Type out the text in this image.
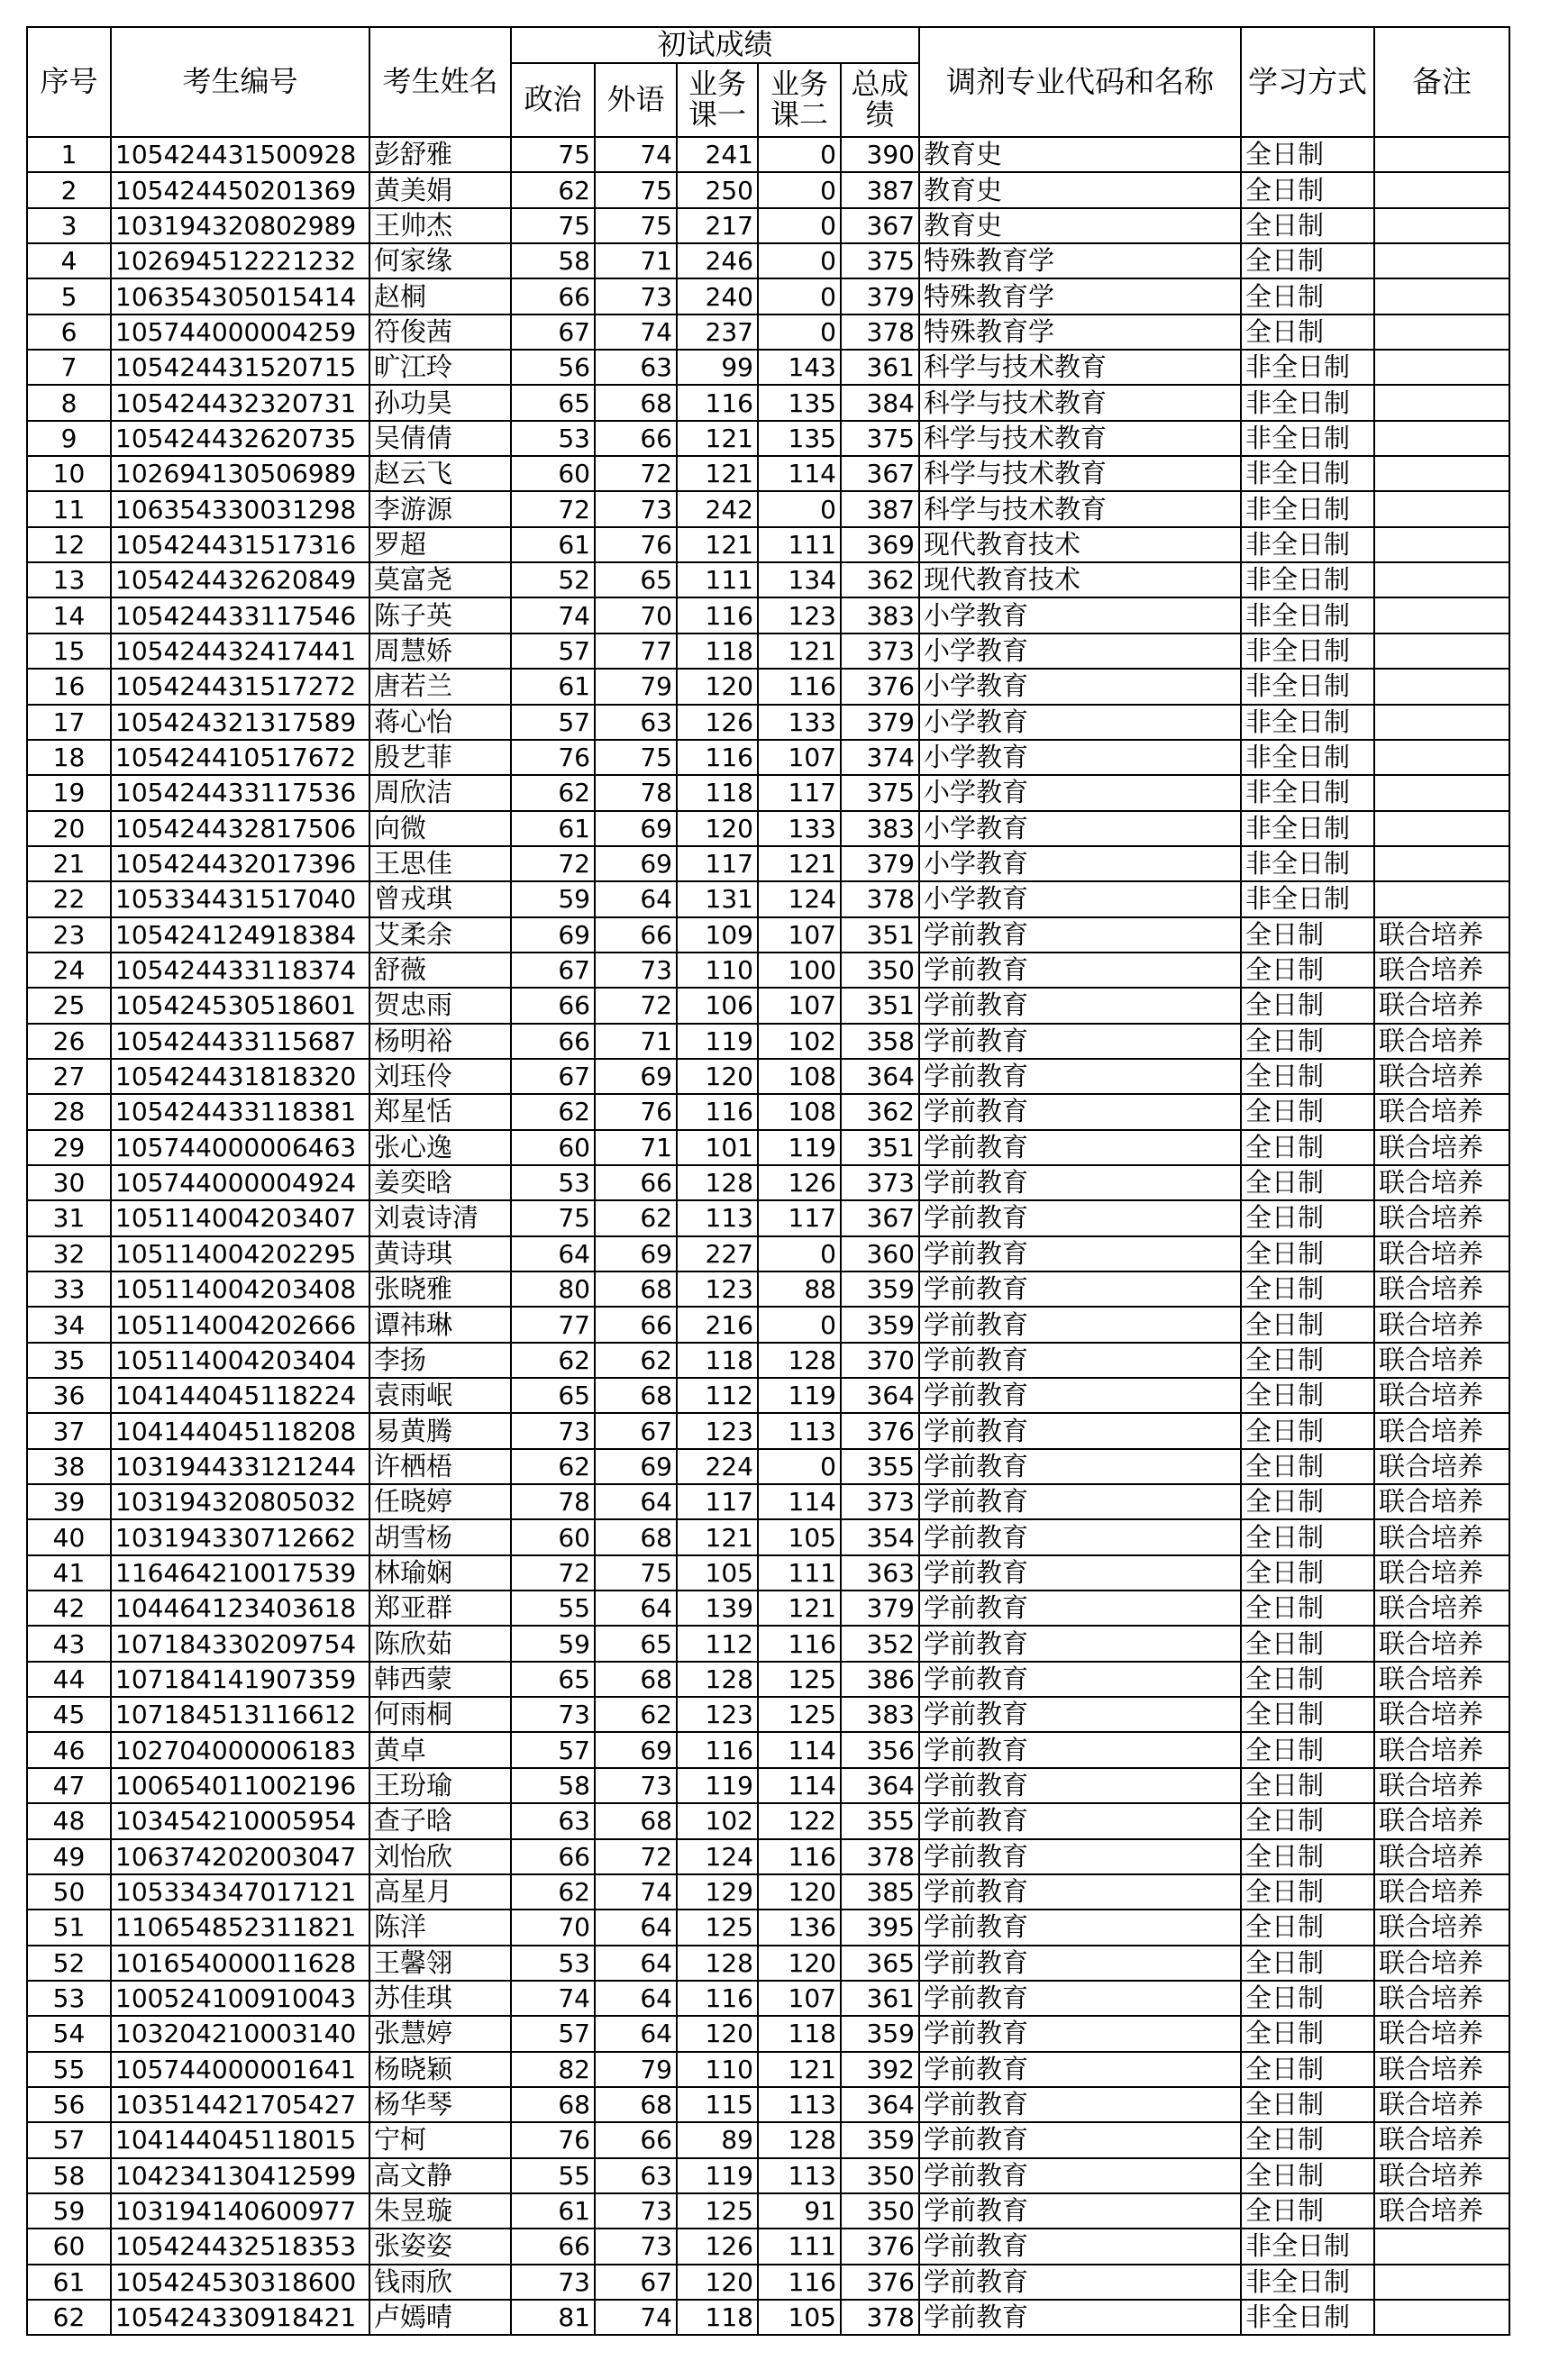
序号	考生编号	考生姓名	初试成绩					调剂专业代码和名称	学习方式	备注
			政治	外语	业务课一	业务课二	总成绩			
1	105424431500928	彭舒雅	75	74	241	0	390	教育史	全日制	
2	105424450201369	黄美娟	62	75	250	0	387	教育史	全日制	
3	103194320802989	王帅杰	75	75	217	0	367	教育史	全日制	
4	102694512221232	何家缘	58	71	246	0	375	特殊教育学	全日制	
5	106354305015414	赵桐	66	73	240	0	379	特殊教育学	全日制	
6	105744000004259	符俊茜	67	74	237	0	378	特殊教育学	全日制	
7	105424431520715	旷江玲	56	63	99	143	361	科学与技术教育	非全日制	
8	105424432320731	孙功昊	65	68	116	135	384	科学与技术教育	非全日制	
9	105424432620735	吴倩倩	53	66	121	135	375	科学与技术教育	非全日制	
10	102694130506989	赵云飞	60	72	121	114	367	科学与技术教育	非全日制	
11	106354330031298	李游源	72	73	242	0	387	科学与技术教育	非全日制	
12	105424431517316	罗超	61	76	121	111	369	现代教育技术	非全日制	
13	105424432620849	莫富尧	52	65	111	134	362	现代教育技术	非全日制	
14	105424433117546	陈子英	74	70	116	123	383	小学教育	非全日制	
15	105424432417441	周慧娇	57	77	118	121	373	小学教育	非全日制	
16	105424431517272	唐若兰	61	79	120	116	376	小学教育	非全日制	
17	105424321317589	蒋心怡	57	63	126	133	379	小学教育	非全日制	
18	105424410517672	殷艺菲	76	75	116	107	374	小学教育	非全日制	
19	105424433117536	周欣洁	62	78	118	117	375	小学教育	非全日制	
20	105424432817506	向微	61	69	120	133	383	小学教育	非全日制	
21	105424432017396	王思佳	72	69	117	121	379	小学教育	非全日制	
22	105334431517040	曾戎琪	59	64	131	124	378	小学教育	非全日制	
23	105424124918384	艾柔余	69	66	109	107	351	学前教育	全日制	联合培养
24	105424433118374	舒薇	67	73	110	100	350	学前教育	全日制	联合培养
25	105424530518601	贺忠雨	66	72	106	107	351	学前教育	全日制	联合培养
26	105424433115687	杨明裕	66	71	119	102	358	学前教育	全日制	联合培养
27	105424431818320	刘珏伶	67	69	120	108	364	学前教育	全日制	联合培养
28	105424433118381	郑星恬	62	76	116	108	362	学前教育	全日制	联合培养
29	105744000006463	张心逸	60	71	101	119	351	学前教育	全日制	联合培养
30	105744000004924	姜奕晗	53	66	128	126	373	学前教育	全日制	联合培养
31	105114004203407	刘袁诗清	75	62	113	117	367	学前教育	全日制	联合培养
32	105114004202295	黄诗琪	64	69	227	0	360	学前教育	全日制	联合培养
33	105114004203408	张晓雅	80	68	123	88	359	学前教育	全日制	联合培养
34	105114004202666	谭祎琳	77	66	216	0	359	学前教育	全日制	联合培养
35	105114004203404	李扬	62	62	118	128	370	学前教育	全日制	联合培养
36	104144045118224	袁雨岷	65	68	112	119	364	学前教育	全日制	联合培养
37	104144045118208	易黄腾	73	67	123	113	376	学前教育	全日制	联合培养
38	103194433121244	许栖梧	62	69	224	0	355	学前教育	全日制	联合培养
39	103194320805032	任晓婷	78	64	117	114	373	学前教育	全日制	联合培养
40	103194330712662	胡雪杨	60	68	121	105	354	学前教育	全日制	联合培养
41	116464210017539	林瑜娴	72	75	105	111	363	学前教育	全日制	联合培养
42	104464123403618	郑亚群	55	64	139	121	379	学前教育	全日制	联合培养
43	107184330209754	陈欣茹	59	65	112	116	352	学前教育	全日制	联合培养
44	107184141907359	韩西蒙	65	68	128	125	386	学前教育	全日制	联合培养
45	107184513116612	何雨桐	73	62	123	125	383	学前教育	全日制	联合培养
46	102704000006183	黄卓	57	69	116	114	356	学前教育	全日制	联合培养
47	100654011002196	王玢瑜	58	73	119	114	364	学前教育	全日制	联合培养
48	103454210005954	查子晗	63	68	102	122	355	学前教育	全日制	联合培养
49	106374202003047	刘怡欣	66	72	124	116	378	学前教育	全日制	联合培养
50	105334347017121	高星月	62	74	129	120	385	学前教育	全日制	联合培养
51	110654852311821	陈洋	70	64	125	136	395	学前教育	全日制	联合培养
52	101654000011628	王馨翎	53	64	128	120	365	学前教育	全日制	联合培养
53	100524100910043	苏佳琪	74	64	116	107	361	学前教育	全日制	联合培养
54	103204210003140	张慧婷	57	64	120	118	359	学前教育	全日制	联合培养
55	105744000001641	杨晓颖	82	79	110	121	392	学前教育	全日制	联合培养
56	103514421705427	杨华琴	68	68	115	113	364	学前教育	全日制	联合培养
57	104144045118015	宁柯	76	66	89	128	359	学前教育	全日制	联合培养
58	104234130412599	高文静	55	63	119	113	350	学前教育	全日制	联合培养
59	103194140600977	朱昱璇	61	73	125	91	350	学前教育	全日制	联合培养
60	105424432518353	张姿姿	66	73	126	111	376	学前教育	非全日制	
61	105424530318600	钱雨欣	73	67	120	116	376	学前教育	非全日制	
62	105424330918421	卢嫣晴	81	74	118	105	378	学前教育	非全日制	
